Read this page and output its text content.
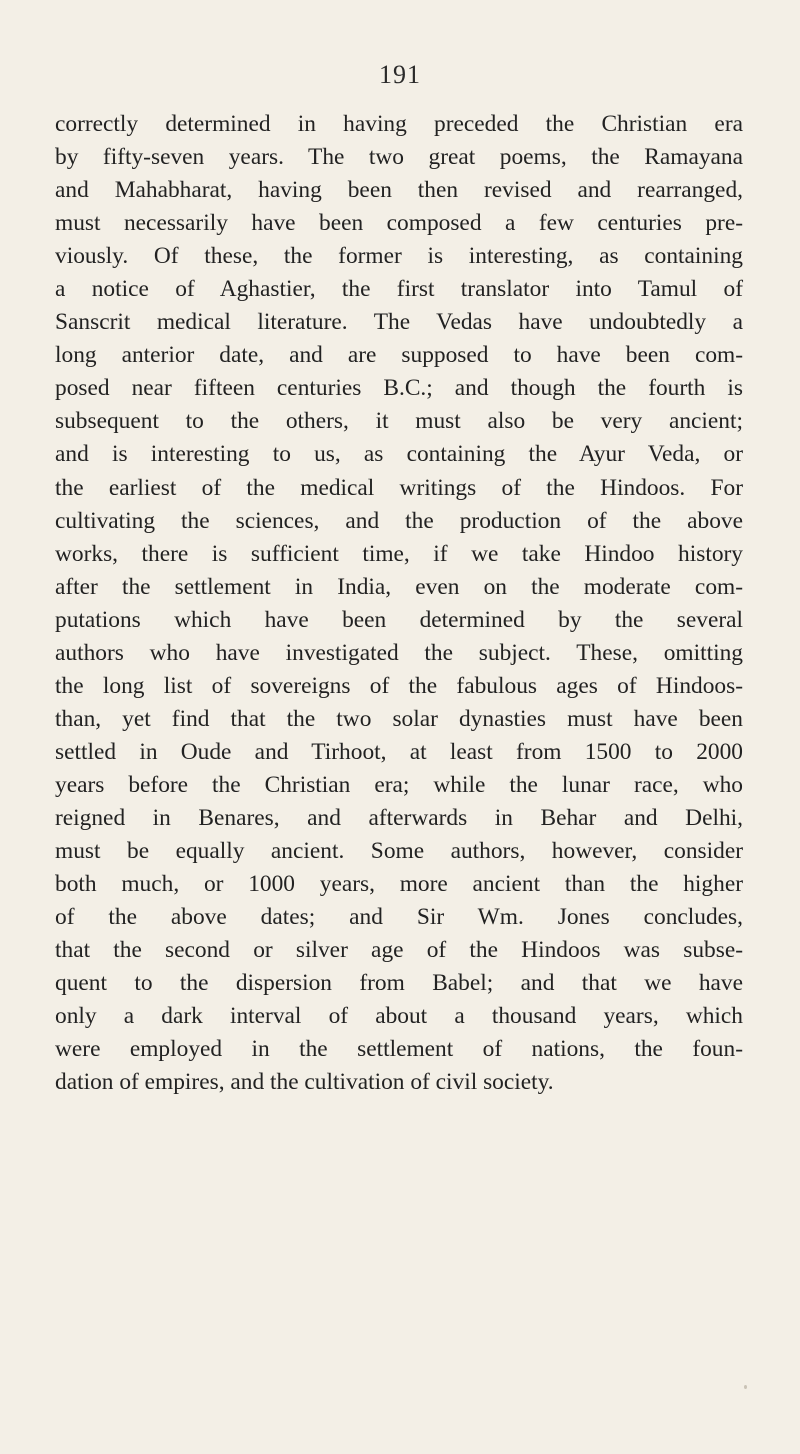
191
correctly determined in having preceded the Christian era
by fifty-seven years. The two great poems, the Ramayana
and Mahabharat, having been then revised and rearranged,
must necessarily have been composed a few centuries pre-
viously. Of these, the former is interesting, as containing
a notice of Aghastier, the first translator into Tamul of
Sanscrit medical literature. The Vedas have undoubtedly a
long anterior date, and are supposed to have been com-
posed near fifteen centuries B.C.; and though the fourth is
subsequent to the others, it must also be very ancient;
and is interesting to us, as containing the Ayur Veda, or
the earliest of the medical writings of the Hindoos. For
cultivating the sciences, and the production of the above
works, there is sufficient time, if we take Hindoo history
after the settlement in India, even on the moderate com-
putations which have been determined by the several
authors who have investigated the subject. These, omitting
the long list of sovereigns of the fabulous ages of Hindoos-
than, yet find that the two solar dynasties must have been
settled in Oude and Tirhoot, at least from 1500 to 2000
years before the Christian era; while the lunar race, who
reigned in Benares, and afterwards in Behar and Delhi,
must be equally ancient. Some authors, however, consider
both much, or 1000 years, more ancient than the higher
of the above dates; and Sir Wm. Jones concludes,
that the second or silver age of the Hindoos was subse-
quent to the dispersion from Babel; and that we have
only a dark interval of about a thousand years, which
were employed in the settlement of nations, the foun-
dation of empires, and the cultivation of civil society.
